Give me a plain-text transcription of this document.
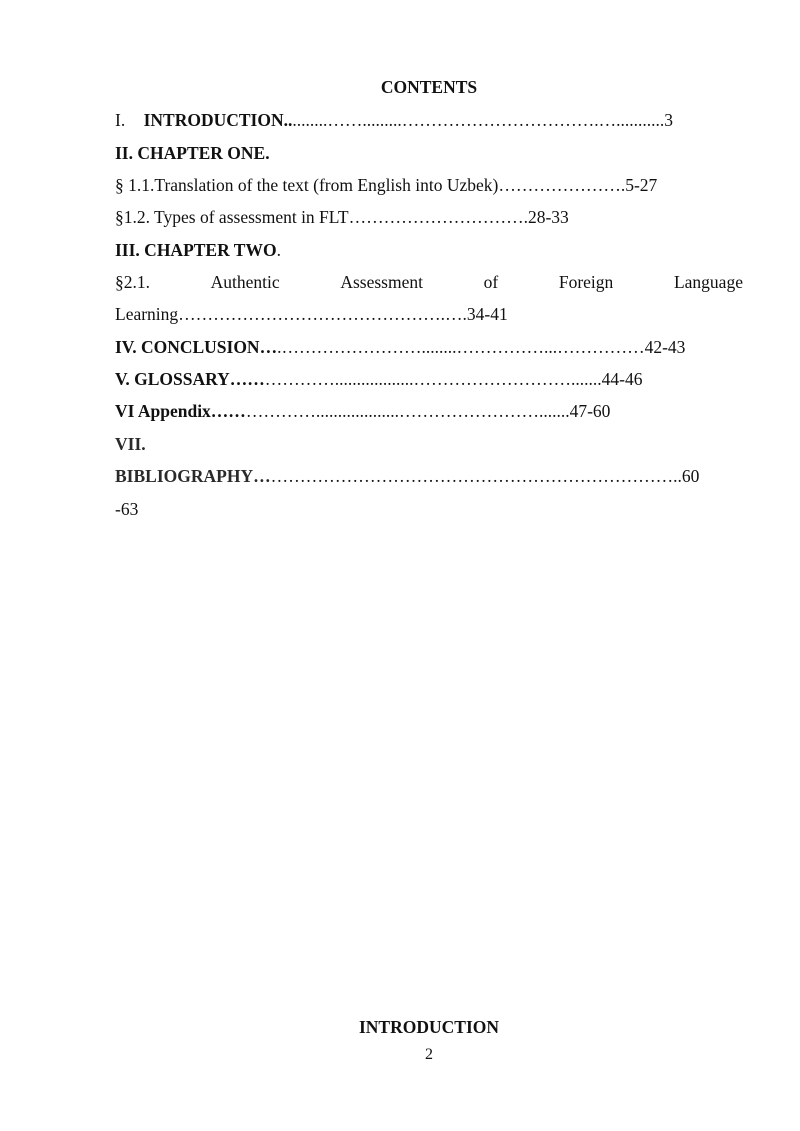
CONTENTS
I. INTRODUCTION..........…….........…………………………….…...........3
II. CHAPTER ONE.
§ 1.1.Translation of the text (from English into Uzbek)………………….5-27
§1.2. Types of assessment in FLT………………………….28-33
III. CHAPTER TWO.
§2.1.	Authentic	Assessment	of	Foreign	Language
Learning……………………………………….….34-41
IV. CONCLUSION….……………………........……………...……………42-43
V. GLOSSARY………………..................……………………….......44-46
VI Appendix………………...................…………………….......47-60
VII.
BIBLIOGRAPHY………………………………………………………………..60
-63
INTRODUCTION
2
